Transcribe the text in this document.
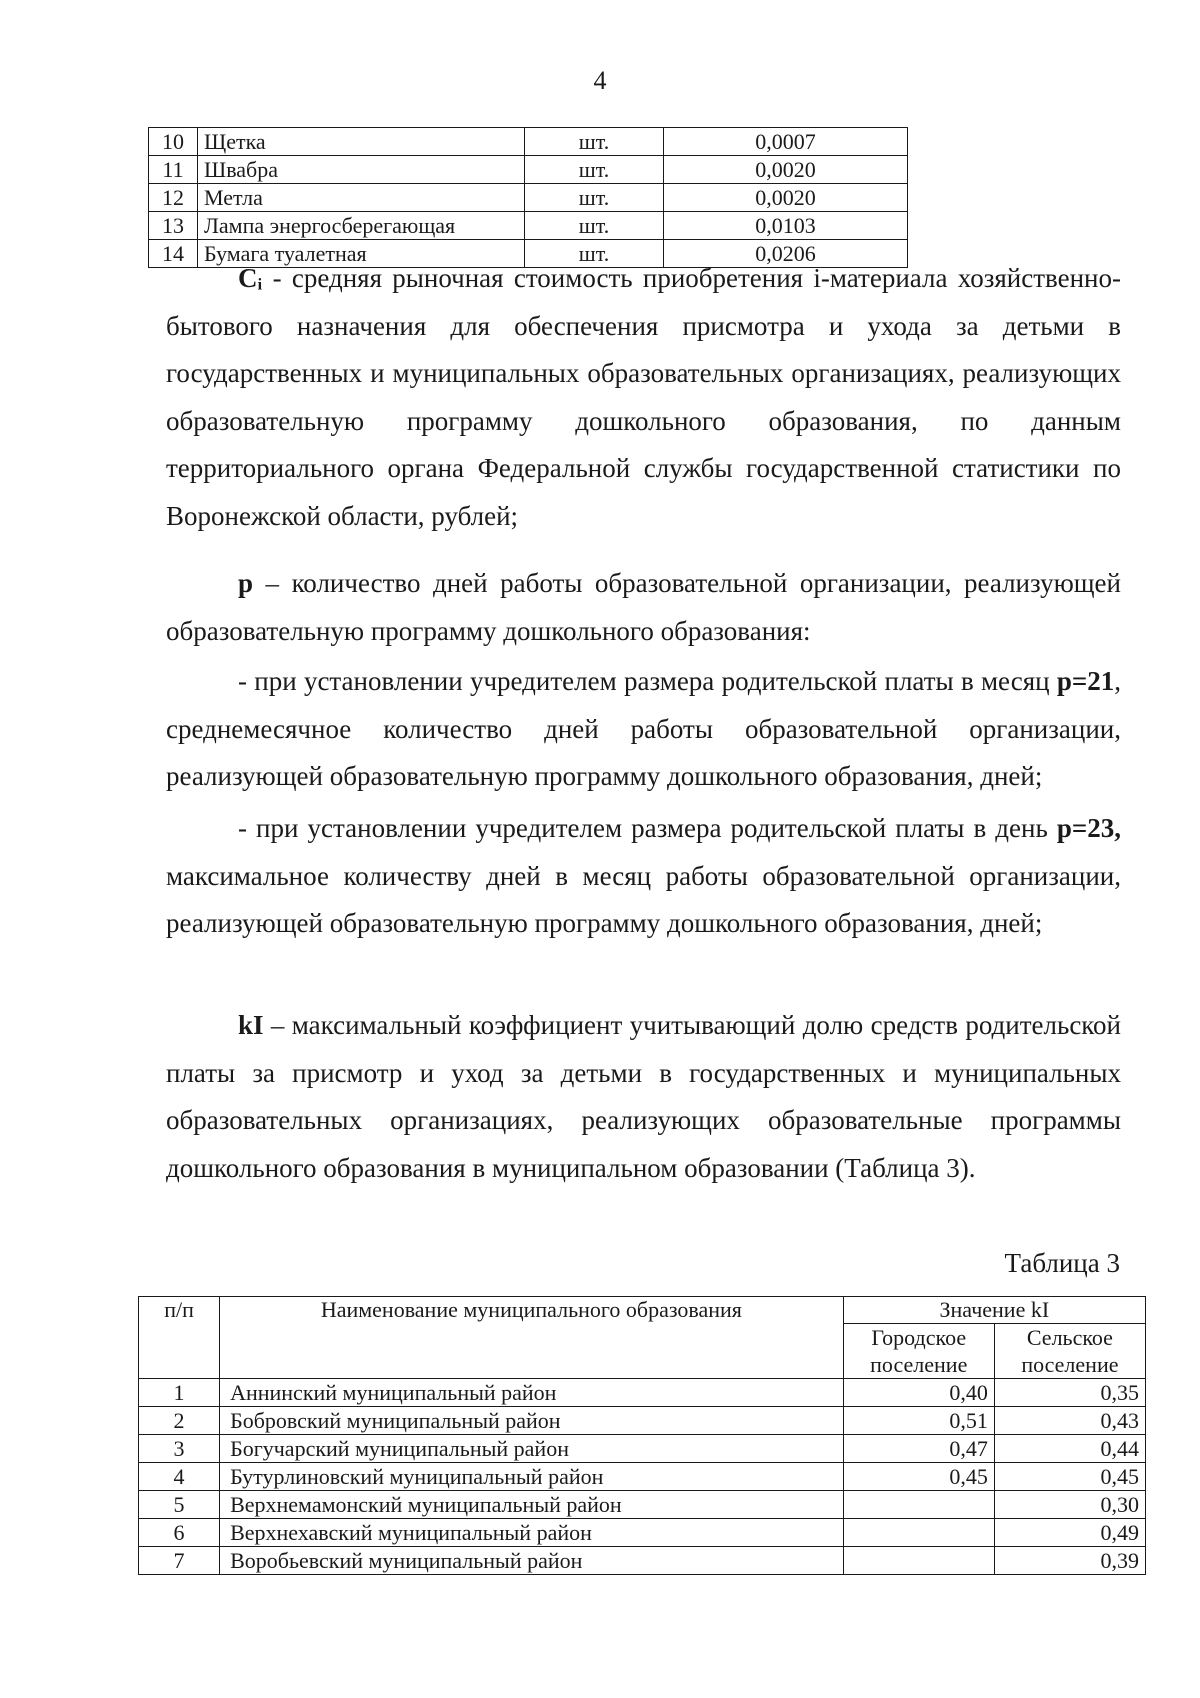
4
10	Щетка	шт.	0,0007
11	Швабра	шт.	0,0020
12	Метла	шт.	0,0020
13	Лампа энергосберегающая	шт.	0,0103
14	Бумага туалетная	шт.	0,0206

Cᵢ - средняя рыночная стоимость приобретения i-материала хозяйственно-бытового назначения для обеспечения присмотра и ухода за детьми в государственных и муниципальных образовательных организациях, реализующих образовательную программу дошкольного образования, по данным территориального органа Федеральной службы государственной статистики по Воронежской области, рублей;

p – количество дней работы образовательной организации, реализующей образовательную программу дошкольного образования:

- при установлении учредителем размера родительской платы в месяц p=21, среднемесячное количество дней работы образовательной организации, реализующей образовательную программу дошкольного образования, дней;

- при установлении учредителем размера родительской платы в день p=23, максимальное количеству дней в месяц работы образовательной организации, реализующей образовательную программу дошкольного образования, дней;

kI – максимальный коэффициент учитывающий долю средств родительской платы за присмотр и уход за детьми в государственных и муниципальных образовательных организациях, реализующих образовательные программы дошкольного образования в муниципальном образовании (Таблица 3).

Таблица 3
п/п	Наименование муниципального образования	Значение kI	
		Городское поселение	Сельское поселение
1	Аннинский муниципальный район	0,40	0,35
2	Бобровский муниципальный район	0,51	0,43
3	Богучарский муниципальный район	0,47	0,44
4	Бутурлиновский муниципальный район	0,45	0,45
5	Верхнемамонский муниципальный район		0,30
6	Верхнехавский муниципальный район		0,49
7	Воробьевский муниципальный район		0,39
